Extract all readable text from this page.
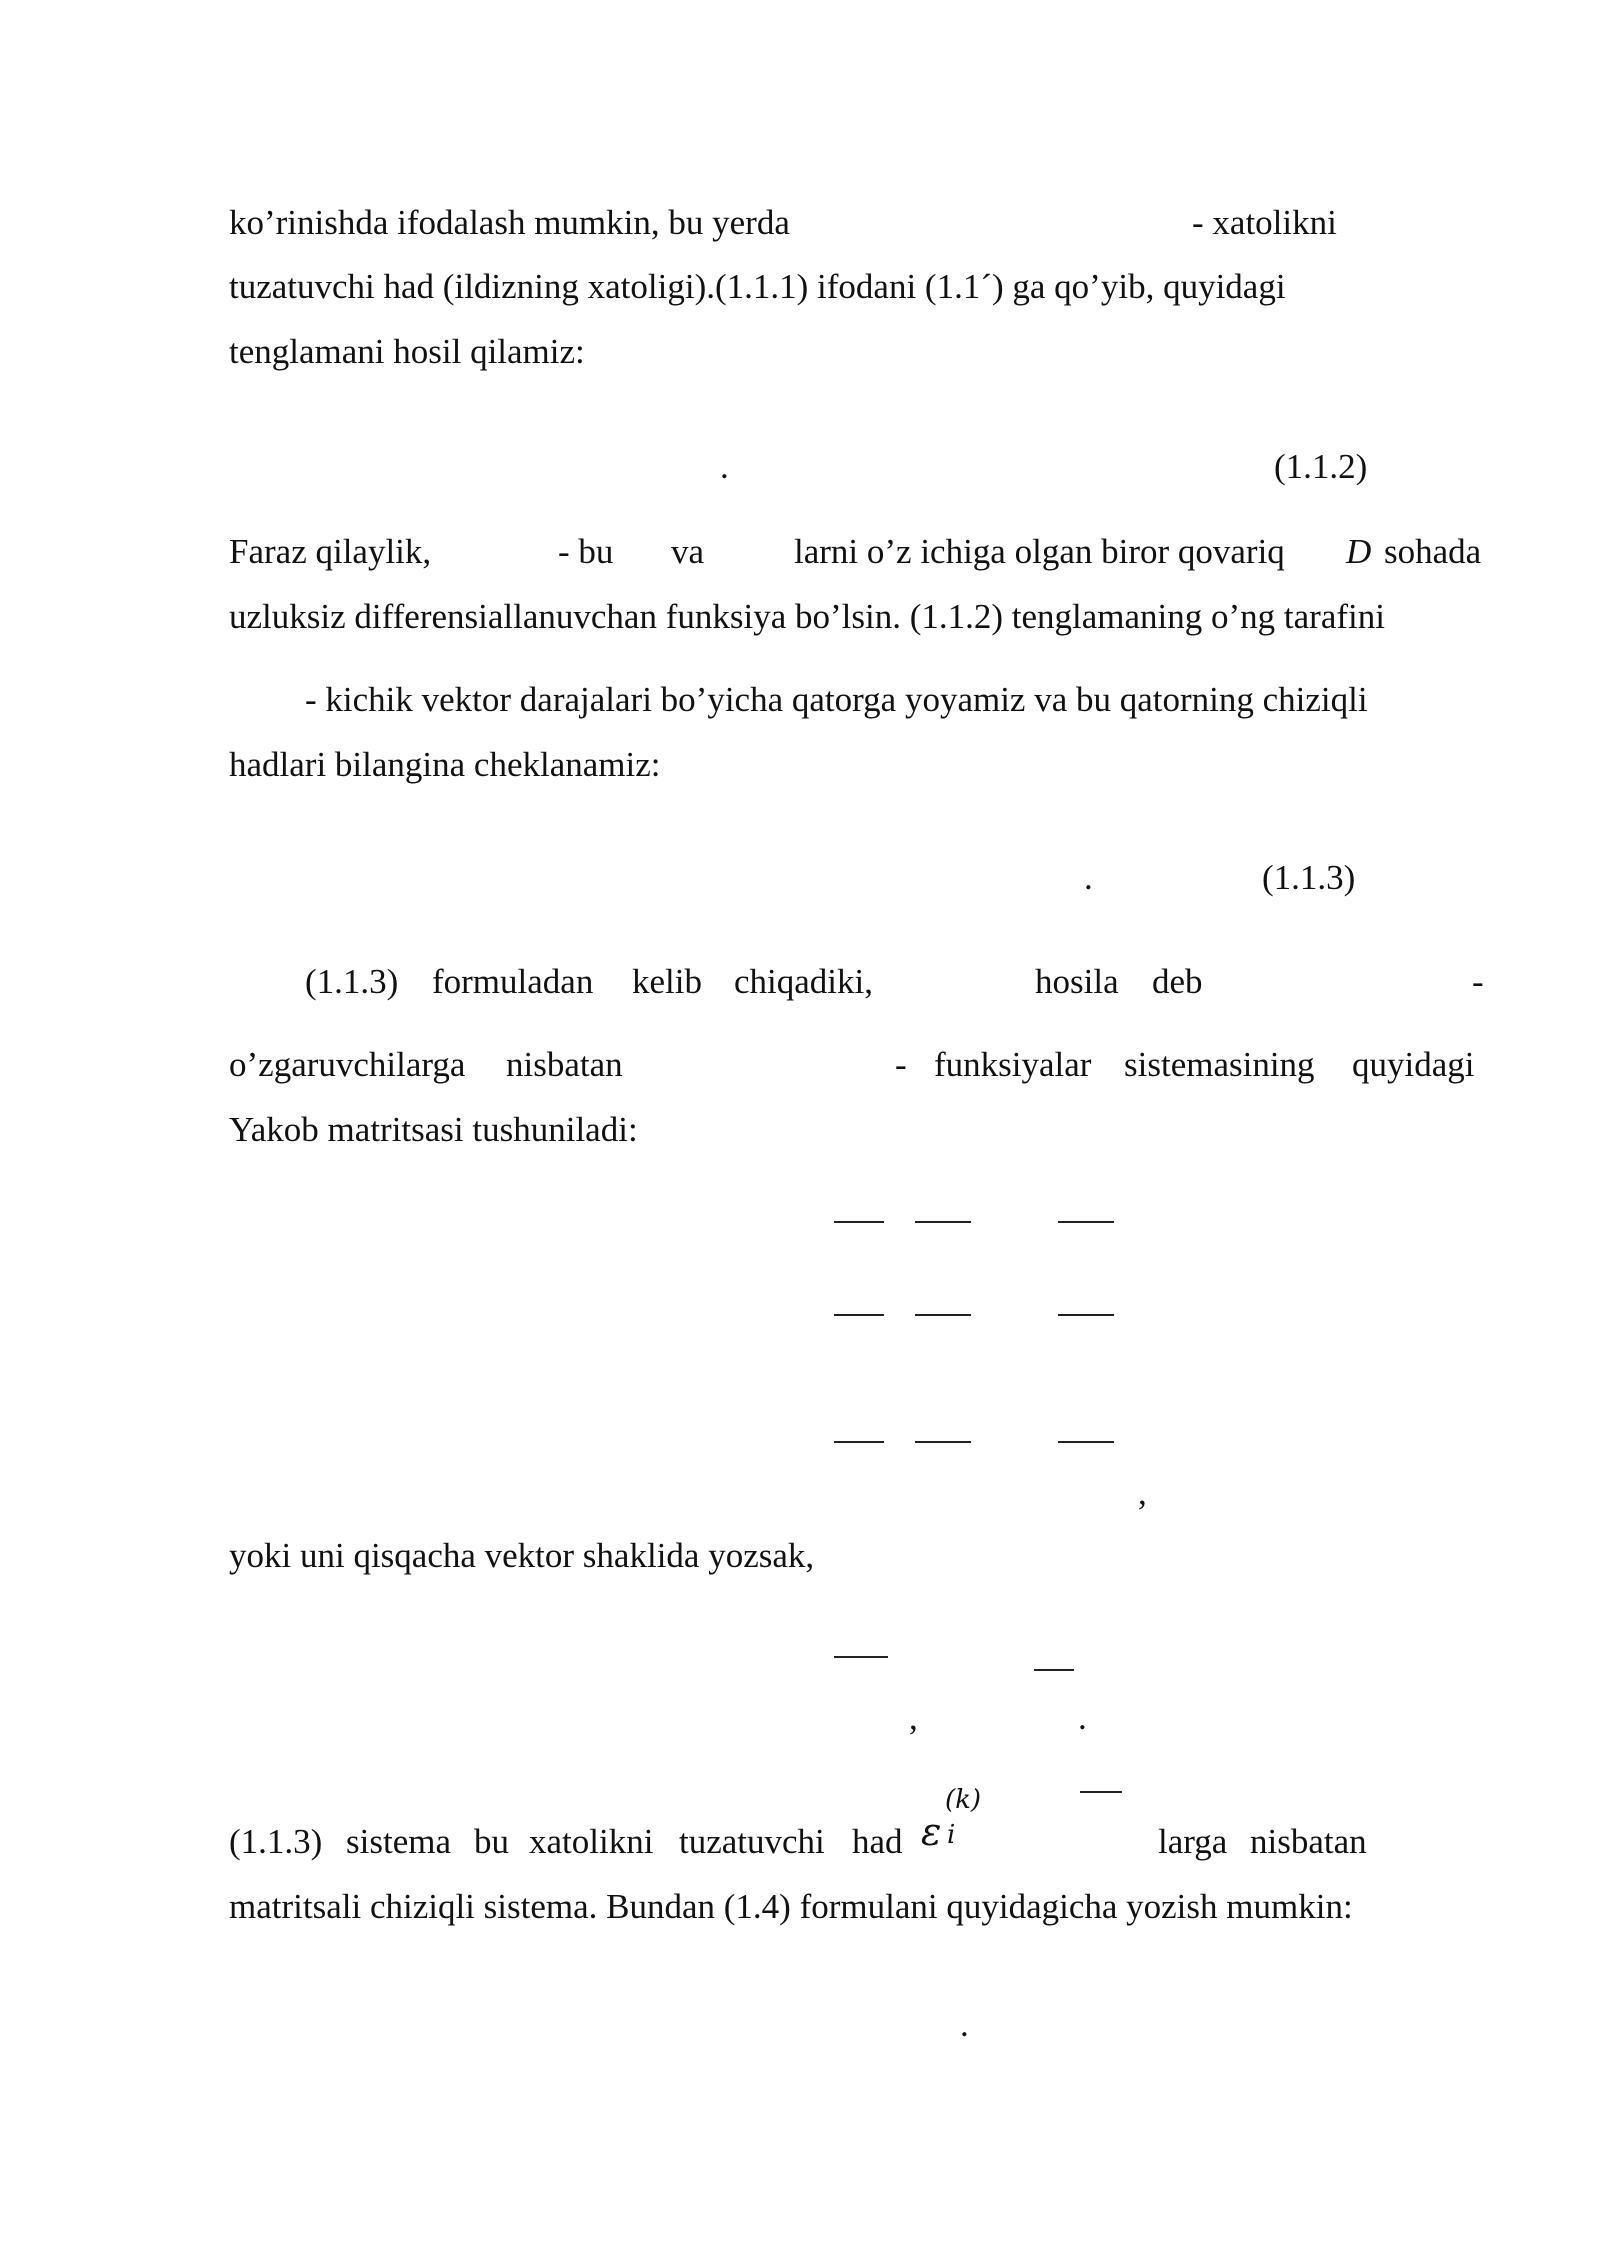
ko’rinishda ifodalash mumkin, bu yerda	- xatolikni
tuzatuvchi had (ildizning xatoligi).(1.1.1) ifodani (1.1´) ga qo’yib, quyidagi
tenglamani hosil qilamiz:
.	(1.1.2)
Faraz qilaylik,	- bu va	larni o’z ichiga olgan biror qovariq D sohada
uzluksiz differensiallanuvchan funksiya bo’lsin. (1.1.2) tenglamaning o’ng tarafini
- kichik vektor darajalari bo’yicha qatorga yoyamiz va bu qatorning chiziqli
hadlari bilangina cheklanamiz:
.	(1.1.3)
(1.1.3) formuladan kelib chiqadiki,	hosila deb	-
o’zgaruvchilarga nisbatan	- funksiyalar sistemasining quyidagi
Yakob matritsasi tushuniladi:
,
yoki uni qisqacha vektor shaklida yozsak,
,	.
(1.1.3) sistema bu xatolikni tuzatuvchi had ε
(k)
i	larga nisbatan
matritsali chiziqli sistema. Bundan (1.4) formulani quyidagicha yozish mumkin:
.
